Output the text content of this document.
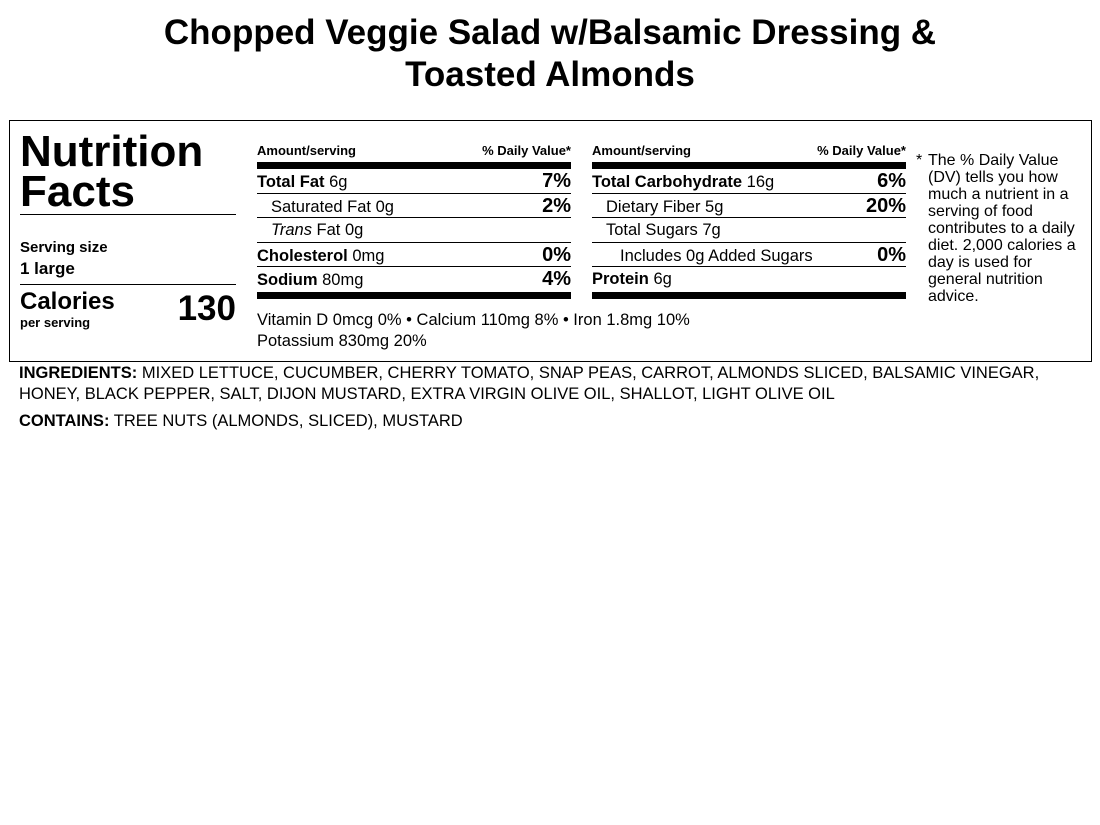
Chopped Veggie Salad w/Balsamic Dressing &
Toasted Almonds
Nutrition
Facts
Serving size
1 large
Calories
per serving	130
Amount/serving	% Daily Value*
Total Fat 6g	7%
Saturated Fat 0g	2%
Trans Fat 0g
Cholesterol 0mg	0%
Sodium 80mg	4%
Amount/serving	% Daily Value*
Total Carbohydrate 16g	6%
Dietary Fiber 5g	20%
Total Sugars 7g
Includes 0g Added Sugars	0%
Protein 6g
Vitamin D 0mcg 0% • Calcium 110mg 8% • Iron 1.8mg 10%
Potassium 830mg 20%
* The % Daily Value (DV) tells you how much a nutrient in a serving of food contributes to a daily diet. 2,000 calories a day is used for general nutrition advice.
INGREDIENTS: MIXED LETTUCE, CUCUMBER, CHERRY TOMATO, SNAP PEAS, CARROT, ALMONDS SLICED, BALSAMIC VINEGAR, HONEY, BLACK PEPPER, SALT, DIJON MUSTARD, EXTRA VIRGIN OLIVE OIL, SHALLOT, LIGHT OLIVE OIL
CONTAINS: TREE NUTS (ALMONDS, SLICED), MUSTARD
